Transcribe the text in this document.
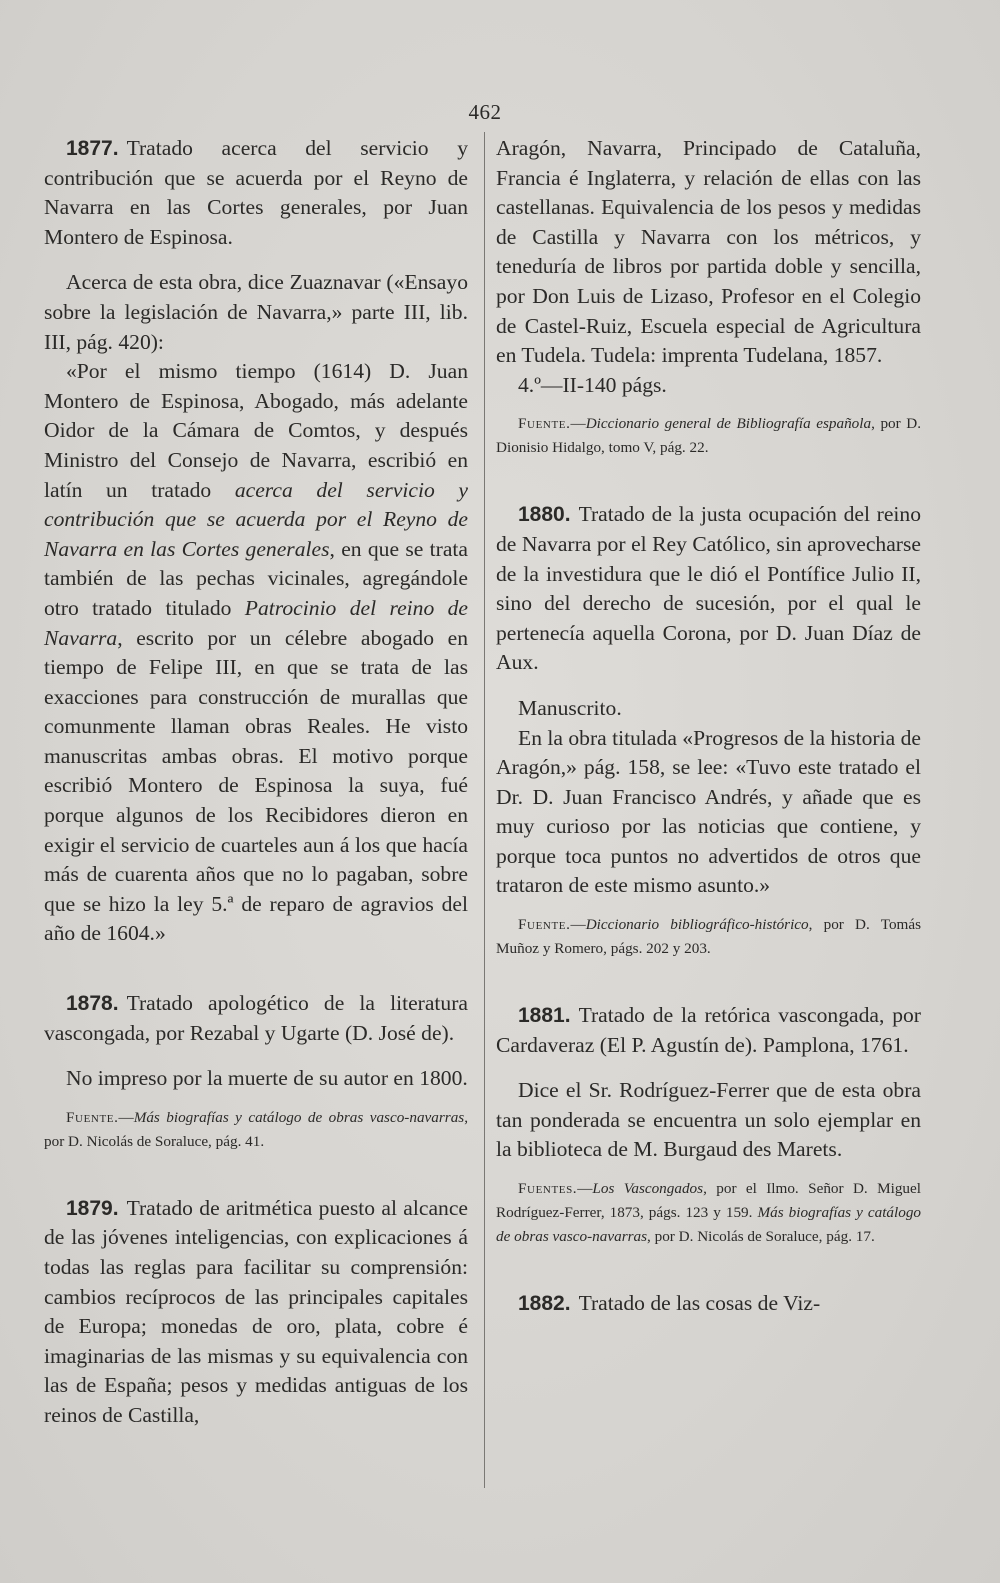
462

1877. Tratado acerca del servicio y contribución que se acuerda por el Reyno de Navarra en las Cortes generales, por Juan Montero de Espinosa.

Acerca de esta obra, dice Zuaznavar («Ensayo sobre la legislación de Navarra,» parte III, lib. III, pág. 420):

«Por el mismo tiempo (1614) D. Juan Montero de Espinosa, Abogado, más adelante Oidor de la Cámara de Comtos, y después Ministro del Consejo de Navarra, escribió en latín un tratado acerca del servicio y contribución que se acuerda por el Reyno de Navarra en las Cortes generales, en que se trata también de las pechas vicinales, agregándole otro tratado titulado Patrocinio del reino de Navarra, escrito por un célebre abogado en tiempo de Felipe III, en que se trata de las exacciones para construcción de murallas que comunmente llaman obras Reales. He visto manuscritas ambas obras. El motivo porque escribió Montero de Espinosa la suya, fué porque algunos de los Recibidores dieron en exigir el servicio de cuarteles aun á los que hacía más de cuarenta años que no lo pagaban, sobre que se hizo la ley 5.ª de reparo de agravios del año de 1604.»

1878. Tratado apologético de la literatura vascongada, por Rezabal y Ugarte (D. José de).

No impreso por la muerte de su autor en 1800.

Fuente.—Más biografías y catálogo de obras vasco-navarras, por D. Nicolás de Soraluce, pág. 41.

1879. Tratado de aritmética puesto al alcance de las jóvenes inteligencias, con explicaciones á todas las reglas para facilitar su comprensión: cambios recíprocos de las principales capitales de Europa; monedas de oro, plata, cobre é imaginarias de las mismas y su equivalencia con las de España; pesos y medidas antiguas de los reinos de Castilla,

Aragón, Navarra, Principado de Cataluña, Francia é Inglaterra, y relación de ellas con las castellanas. Equivalencia de los pesos y medidas de Castilla y Navarra con los métricos, y teneduría de libros por partida doble y sencilla, por Don Luis de Lizaso, Profesor en el Colegio de Castel-Ruiz, Escuela especial de Agricultura en Tudela. Tudela: imprenta Tudelana, 1857.

4.º—II-140 págs.

Fuente.—Diccionario general de Bibliografía española, por D. Dionisio Hidalgo, tomo V, pág. 22.

1880. Tratado de la justa ocupación del reino de Navarra por el Rey Católico, sin aprovecharse de la investidura que le dió el Pontífice Julio II, sino del derecho de sucesión, por el qual le pertenecía aquella Corona, por D. Juan Díaz de Aux.

Manuscrito.

En la obra titulada «Progresos de la historia de Aragón,» pág. 158, se lee: «Tuvo este tratado el Dr. D. Juan Francisco Andrés, y añade que es muy curioso por las noticias que contiene, y porque toca puntos no advertidos de otros que trataron de este mismo asunto.»

Fuente.—Diccionario bibliográfico-histórico, por D. Tomás Muñoz y Romero, págs. 202 y 203.

1881. Tratado de la retórica vascongada, por Cardaveraz (El P. Agustín de). Pamplona, 1761.

Dice el Sr. Rodríguez-Ferrer que de esta obra tan ponderada se encuentra un solo ejemplar en la biblioteca de M. Burgaud des Marets.

Fuentes.—Los Vascongados, por el Ilmo. Señor D. Miguel Rodríguez-Ferrer, 1873, págs. 123 y 159. Más biografías y catálogo de obras vasco-navarras, por D. Nicolás de Soraluce, pág. 17.

1882. Tratado de las cosas de Viz-
